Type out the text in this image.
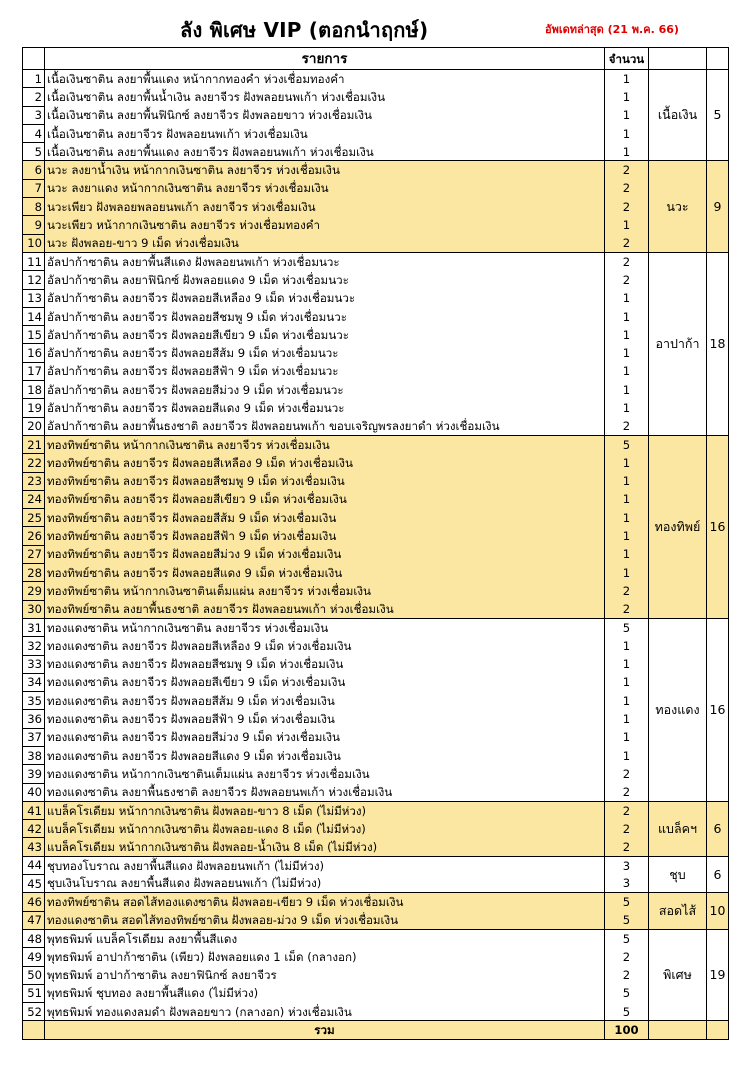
ลัง พิเศษ VIP (ตอกนำฤกษ์)	อัพเดทล่าสุด (21 พ.ค. 66)
	รายการ	จำนวน		
1	เนื้อเงินซาติน ลงยาพื้นแดง หน้ากากทองคำ ห่วงเชื่อมทองคำ	1	เนื้อเงิน	5
2	เนื้อเงินซาติน ลงยาพื้นน้ำเงิน ลงยาจีวร ฝังพลอยนพเก้า ห่วงเชื่อมเงิน	1		
3	เนื้อเงินซาติน ลงยาพื้นฟินิกซ์ ลงยาจีวร ฝังพลอยขาว ห่วงเชื่อมเงิน	1		
4	เนื้อเงินซาติน ลงยาจีวร ฝังพลอยนพเก้า ห่วงเชื่อมเงิน	1		
5	เนื้อเงินซาติน ลงยาพื้นแดง ลงยาจีวร ฝังพลอยนพเก้า ห่วงเชื่อมเงิน	1		
6	นวะ ลงยาน้ำเงิน หน้ากากเงินซาติน ลงยาจีวร ห่วงเชื่อมเงิน	2	นวะ	9
7	นวะ ลงยาแดง หน้ากากเงินซาติน ลงยาจีวร ห่วงเชื่อมเงิน	2		
8	นวะเพียว ฝังพลอยพลอยนพเก้า ลงยาจีวร ห่วงเชื่อมเงิน	2		
9	นวะเพียว หน้ากากเงินซาติน ลงยาจีวร ห่วงเชื่อมทองคำ	1		
10	นวะ ฝังพลอย-ขาว 9 เม็ด ห่วงเชื่อมเงิน	2		
11	อัลปาก้าซาติน ลงยาพื้นสีแดง ฝังพลอยนพเก้า ห่วงเชื่อมนวะ	2	อาปาก้า	18
12	อัลปาก้าซาติน ลงยาฟินิกซ์ ฝังพลอยแดง 9 เม็ด ห่วงเชื่อมนวะ	2		
13	อัลปาก้าซาติน ลงยาจีวร ฝังพลอยสีเหลือง 9 เม็ด ห่วงเชื่อมนวะ	1		
14	อัลปาก้าซาติน ลงยาจีวร ฝังพลอยสีชมพู 9 เม็ด ห่วงเชื่อมนวะ	1		
15	อัลปาก้าซาติน ลงยาจีวร ฝังพลอยสีเขียว 9 เม็ด ห่วงเชื่อมนวะ	1		
16	อัลปาก้าซาติน ลงยาจีวร ฝังพลอยสีส้ม 9 เม็ด ห่วงเชื่อมนวะ	1		
17	อัลปาก้าซาติน ลงยาจีวร ฝังพลอยสีฟ้า 9 เม็ด ห่วงเชื่อมนวะ	1		
18	อัลปาก้าซาติน ลงยาจีวร ฝังพลอยสีม่วง 9 เม็ด ห่วงเชื่อมนวะ	1		
19	อัลปาก้าซาติน ลงยาจีวร ฝังพลอยสีแดง 9 เม็ด ห่วงเชื่อมนวะ	1		
20	อัลปาก้าซาติน ลงยาพื้นธงชาติ ลงยาจีวร ฝังพลอยนพเก้า ขอบเจริญพรลงยาดำ ห่วงเชื่อมเงิน	2		
21	ทองทิพย์ซาติน หน้ากากเงินซาติน ลงยาจีวร ห่วงเชื่อมเงิน	5	ทองทิพย์	16
22	ทองทิพย์ซาติน ลงยาจีวร ฝังพลอยสีเหลือง 9 เม็ด ห่วงเชื่อมเงิน	1		
23	ทองทิพย์ซาติน ลงยาจีวร ฝังพลอยสีชมพู 9 เม็ด ห่วงเชื่อมเงิน	1		
24	ทองทิพย์ซาติน ลงยาจีวร ฝังพลอยสีเขียว 9 เม็ด ห่วงเชื่อมเงิน	1		
25	ทองทิพย์ซาติน ลงยาจีวร ฝังพลอยสีส้ม 9 เม็ด ห่วงเชื่อมเงิน	1		
26	ทองทิพย์ซาติน ลงยาจีวร ฝังพลอยสีฟ้า 9 เม็ด ห่วงเชื่อมเงิน	1		
27	ทองทิพย์ซาติน ลงยาจีวร ฝังพลอยสีม่วง 9 เม็ด ห่วงเชื่อมเงิน	1		
28	ทองทิพย์ซาติน ลงยาจีวร ฝังพลอยสีแดง 9 เม็ด ห่วงเชื่อมเงิน	1		
29	ทองทิพย์ซาติน หน้ากากเงินซาตินเต็มแผ่น ลงยาจีวร ห่วงเชื่อมเงิน	2		
30	ทองทิพย์ซาติน ลงยาพื้นธงชาติ ลงยาจีวร ฝังพลอยนพเก้า ห่วงเชื่อมเงิน	2		
31	ทองแดงซาติน หน้ากากเงินซาติน ลงยาจีวร ห่วงเชื่อมเงิน	5	ทองแดง	16
32	ทองแดงซาติน ลงยาจีวร ฝังพลอยสีเหลือง 9 เม็ด ห่วงเชื่อมเงิน	1		
33	ทองแดงซาติน ลงยาจีวร ฝังพลอยสีชมพู 9 เม็ด ห่วงเชื่อมเงิน	1		
34	ทองแดงซาติน ลงยาจีวร ฝังพลอยสีเขียว 9 เม็ด ห่วงเชื่อมเงิน	1		
35	ทองแดงซาติน ลงยาจีวร ฝังพลอยสีส้ม 9 เม็ด ห่วงเชื่อมเงิน	1		
36	ทองแดงซาติน ลงยาจีวร ฝังพลอยสีฟ้า 9 เม็ด ห่วงเชื่อมเงิน	1		
37	ทองแดงซาติน ลงยาจีวร ฝังพลอยสีม่วง 9 เม็ด ห่วงเชื่อมเงิน	1		
38	ทองแดงซาติน ลงยาจีวร ฝังพลอยสีแดง 9 เม็ด ห่วงเชื่อมเงิน	1		
39	ทองแดงซาติน หน้ากากเงินซาตินเต็มแผ่น ลงยาจีวร ห่วงเชื่อมเงิน	2		
40	ทองแดงซาติน ลงยาพื้นธงชาติ ลงยาจีวร ฝังพลอยนพเก้า ห่วงเชื่อมเงิน	2		
41	แบล็คโรเดียม หน้ากากเงินซาติน ฝังพลอย-ขาว 8 เม็ด (ไม่มีห่วง)	2	แบล็คฯ	6
42	แบล็คโรเดียม หน้ากากเงินซาติน ฝังพลอย-แดง 8 เม็ด (ไม่มีห่วง)	2		
43	แบล็คโรเดียม หน้ากากเงินซาติน ฝังพลอย-น้ำเงิน 8 เม็ด (ไม่มีห่วง)	2		
44	ชุบทองโบราณ ลงยาพื้นสีแดง ฝังพลอยนพเก้า (ไม่มีห่วง)	3	ชุบ	6
45	ชุบเงินโบราณ ลงยาพื้นสีแดง ฝังพลอยนพเก้า (ไม่มีห่วง)	3		
46	ทองทิพย์ซาติน สอดไส้ทองแดงซาติน ฝังพลอย-เขียว 9 เม็ด ห่วงเชื่อมเงิน	5	สอดไส้	10
47	ทองแดงซาติน สอดไส้ทองทิพย์ซาติน ฝังพลอย-ม่วง 9 เม็ด ห่วงเชื่อมเงิน	5		
48	พุทธพิมพ์ แบล็คโรเดียม ลงยาพื้นสีแดง	5	พิเศษ	19
49	พุทธพิมพ์ อาปาก้าซาติน (เพียว) ฝังพลอยแดง 1 เม็ด (กลางอก)	2		
50	พุทธพิมพ์ อาปาก้าซาติน ลงยาฟินิกซ์ ลงยาจีวร	2		
51	พุทธพิมพ์ ชุบทอง ลงยาพื้นสีแดง (ไม่มีห่วง)	5		
52	พุทธพิมพ์ ทองแดงลมดำ ฝังพลอยขาว (กลางอก) ห่วงเชื่อมเงิน	5		
	รวม	100		
